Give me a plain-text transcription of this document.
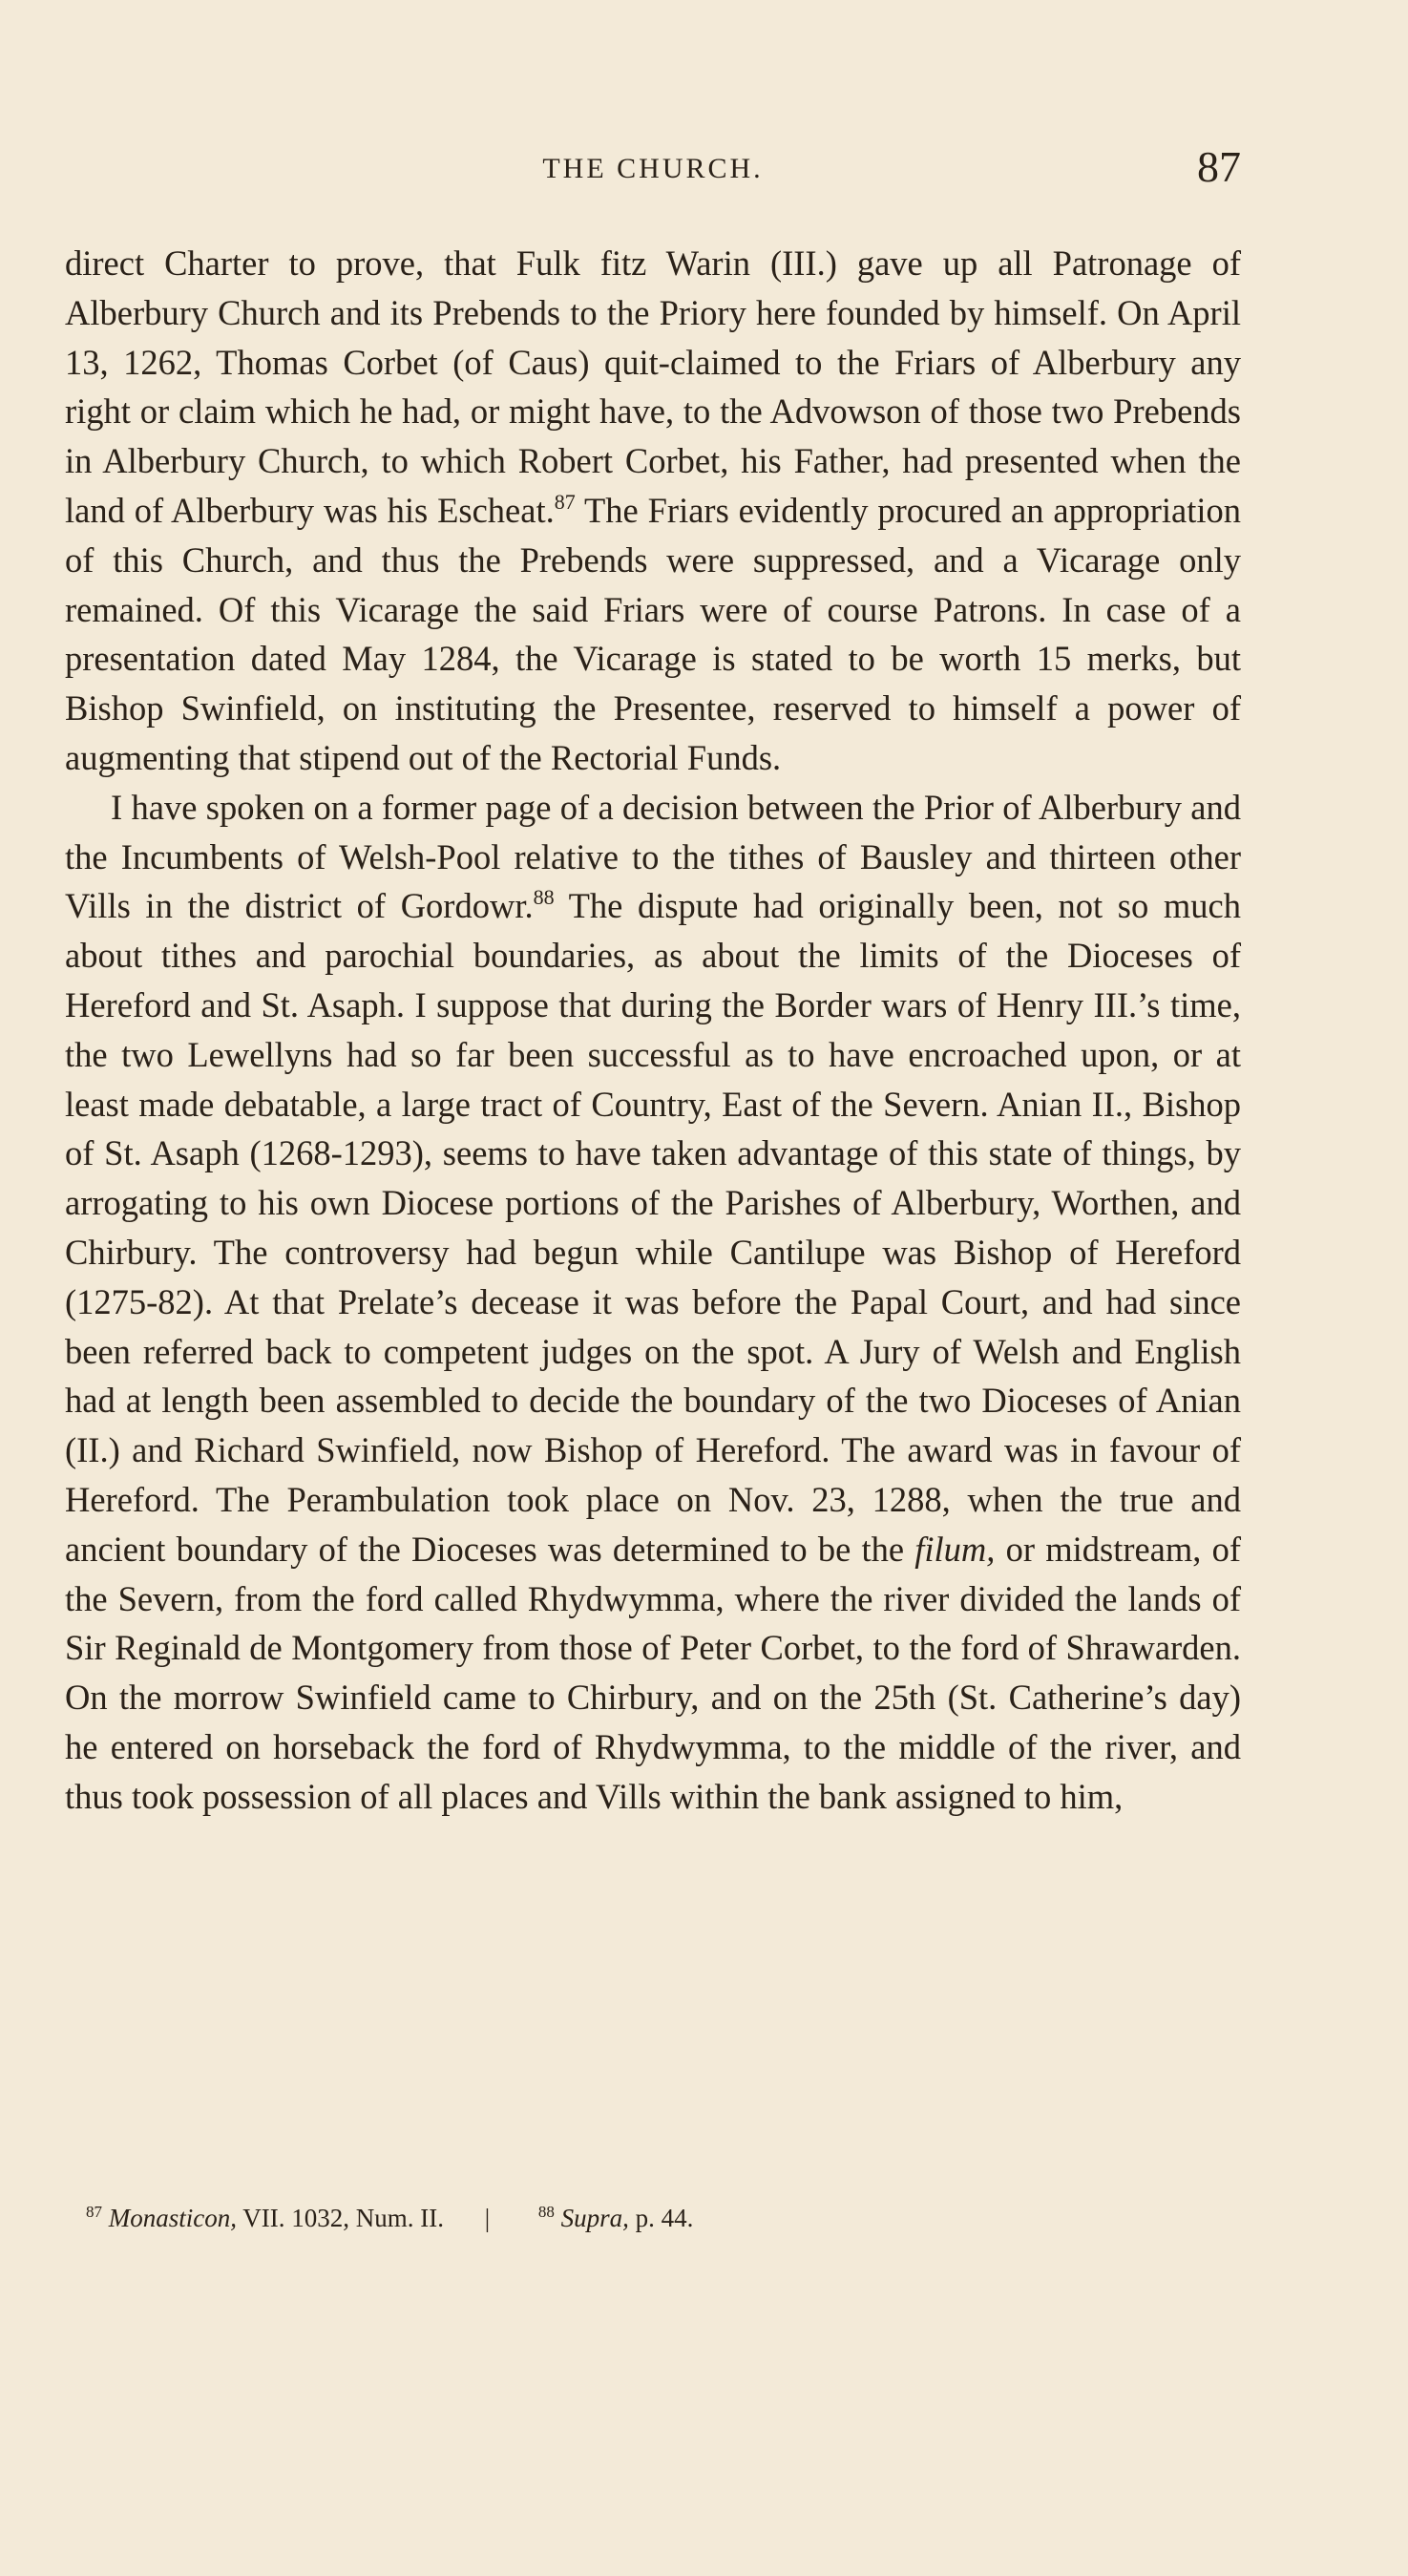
THE CHURCH.	87

direct Charter to prove, that Fulk fitz Warin (III.) gave up all Patronage of Alberbury Church and its Prebends to the Priory here founded by himself. On April 13, 1262, Thomas Corbet (of Caus) quit-claimed to the Friars of Alberbury any right or claim which he had, or might have, to the Advowson of those two Prebends in Alberbury Church, to which Robert Corbet, his Father, had presented when the land of Alberbury was his Escheat.$^{87}$ The Friars evidently procured an appropriation of this Church, and thus the Prebends were suppressed, and a Vicarage only remained. Of this Vicarage the said Friars were of course Patrons. In case of a presentation dated May 1284, the Vicarage is stated to be worth 15 merks, but Bishop Swinfield, on instituting the Presentee, reserved to himself a power of augmenting that stipend out of the Rectorial Funds.

I have spoken on a former page of a decision between the Prior of Alberbury and the Incumbents of Welsh-Pool relative to the tithes of Bausley and thirteen other Vills in the district of Gordowr.$^{88}$ The dispute had originally been, not so much about tithes and parochial boundaries, as about the limits of the Dioceses of Hereford and St. Asaph. I suppose that during the Border wars of Henry III.’s time, the two Lewellyns had so far been successful as to have encroached upon, or at least made debatable, a large tract of Country, East of the Severn. Anian II., Bishop of St. Asaph (1268-1293), seems to have taken advantage of this state of things, by arrogating to his own Diocese portions of the Parishes of Alberbury, Worthen, and Chirbury. The controversy had begun while Cantilupe was Bishop of Hereford (1275-82). At that Prelate’s decease it was before the Papal Court, and had since been referred back to competent judges on the spot. A Jury of Welsh and English had at length been assembled to decide the boundary of the two Dioceses of Anian (II.) and Richard Swinfield, now Bishop of Hereford. The award was in favour of Hereford. The Perambulation took place on Nov. 23, 1288, when the true and ancient boundary of the Dioceses was determined to be the filum, or midstream, of the Severn, from the ford called Rhydwymma, where the river divided the lands of Sir Reginald de Montgomery from those of Peter Corbet, to the ford of Shrawarden. On the morrow Swinfield came to Chirbury, and on the 25th (St. Catherine’s day) he entered on horseback the ford of Rhydwymma, to the middle of the river, and thus took possession of all places and Vills within the bank assigned to him,

$^{87}$ Monasticon, VII. 1032, Num. II. |	$^{88}$ Supra, p. 44.
